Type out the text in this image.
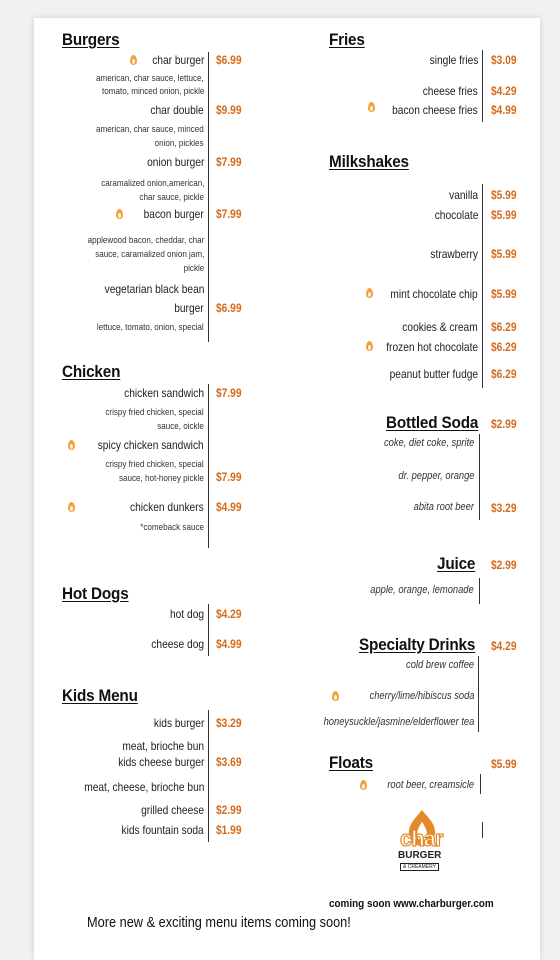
Burgers
char burger $6.99
american, char sauce, lettuce,
tomato, minced onion, pickle
char double $9.99
american, char sauce, minced
onion, pickles
onion burger $7.99
caramalized onion,american,
char sauce, pickle
bacon burger $7.99
applewood bacon, cheddar, char
sauce, caramalized onion jam,
pickle
vegetarian black bean
burger $6.99
lettuce, tomato, onion, special
Chicken
chicken sandwich $7.99
crispy fried chicken, special
sauce, oickle
spicy chicken sandwich
crispy fried chicken, special
sauce, hot-honey pickle $7.99
chicken dunkers $4.99
*comeback sauce
Hot Dogs
hot dog $4.29
cheese dog $4.99
Kids Menu
kids burger $3.29
meat, brioche bun
kids cheese burger $3.69
meat, cheese, brioche bun
grilled cheese $2.99
kids fountain soda $1.99
Fries
single fries $3.09
cheese fries $4.29
bacon cheese fries $4.99
Milkshakes
vanilla $5.99
chocolate $5.99
strawberry $5.99
mint chocolate chip $5.99
cookies & cream $6.29
frozen hot chocolate $6.29
peanut butter fudge $6.29
Bottled Soda $2.99
coke, diet coke, sprite
dr. pepper, orange
abita root beer $3.29
Juice $2.99
apple, orange, lemonade
Specialty Drinks $4.29
cold brew coffee
cherry/lime/hibiscus soda
honeysuckle/jasmine/elderflower tea
Floats	$5.99
root beer, creamsicle
char
BURGER
& CREAMERY
coming soon www.charburger.com
More new & exciting menu items coming soon!
